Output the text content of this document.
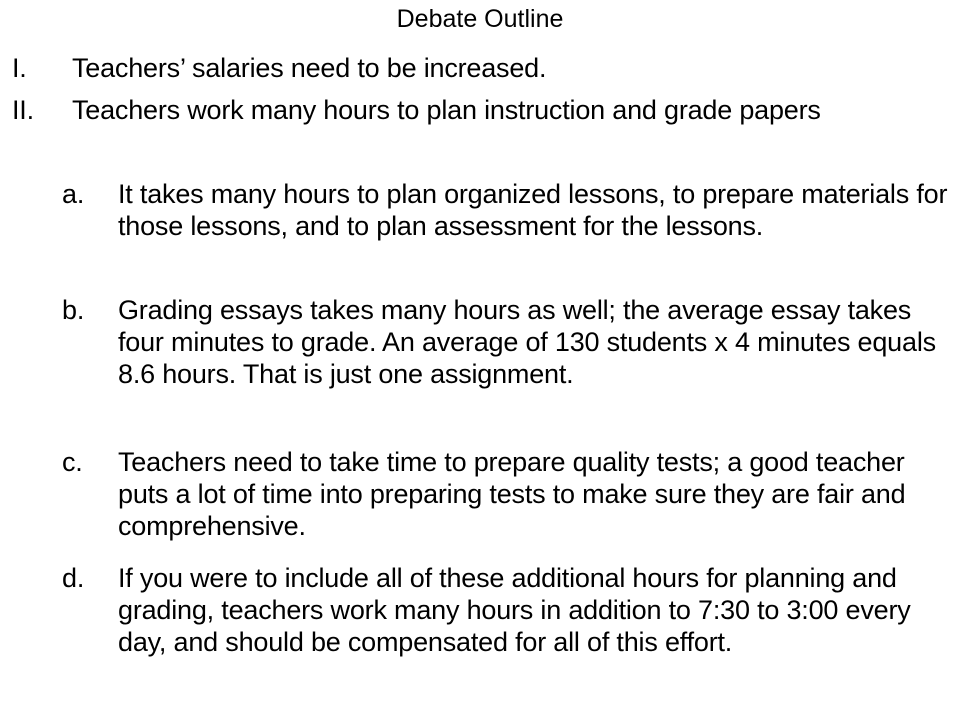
Debate Outline
I. Teachers’ salaries need to be increased.
II. Teachers work many hours to plan instruction and grade papers
a. It takes many hours to plan organized lessons, to prepare materials for those lessons, and to plan assessment for the lessons.
b. Grading essays takes many hours as well; the average essay takes four minutes to grade. An average of 130 students x 4 minutes equals 8.6 hours. That is just one assignment.
c. Teachers need to take time to prepare quality tests; a good teacher puts a lot of time into preparing tests to make sure they are fair and comprehensive.
d. If you were to include all of these additional hours for planning and grading, teachers work many hours in addition to 7:30 to 3:00 every day, and should be compensated for all of this effort.
